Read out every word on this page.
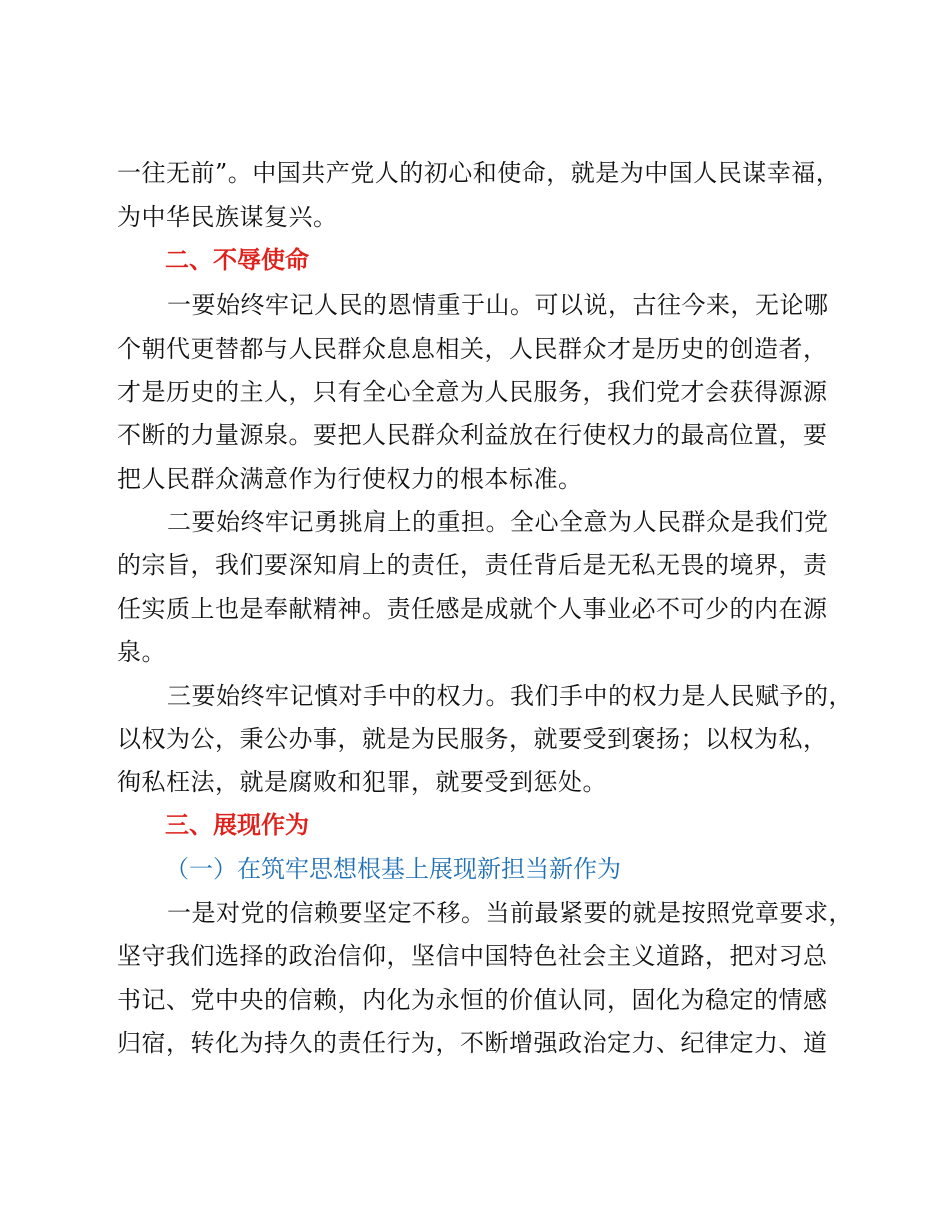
一往无前”。中国共产党人的初心和使命，就是为中国人民谋幸福，
为中华民族谋复兴。
二、不辱使命
一要始终牢记人民的恩情重于山。可以说，古往今来，无论哪
个朝代更替都与人民群众息息相关，人民群众才是历史的创造者，
才是历史的主人，只有全心全意为人民服务，我们党才会获得源源
不断的力量源泉。要把人民群众利益放在行使权力的最高位置，要
把人民群众满意作为行使权力的根本标准。
二要始终牢记勇挑肩上的重担。全心全意为人民群众是我们党
的宗旨，我们要深知肩上的责任，责任背后是无私无畏的境界，责
任实质上也是奉献精神。责任感是成就个人事业必不可少的内在源
泉。
三要始终牢记慎对手中的权力。我们手中的权力是人民赋予的，
以权为公，秉公办事，就是为民服务，就要受到褒扬；以权为私，
徇私枉法，就是腐败和犯罪，就要受到惩处。
三、展现作为
（一）在筑牢思想根基上展现新担当新作为
一是对党的信赖要坚定不移。当前最紧要的就是按照党章要求，
坚守我们选择的政治信仰，坚信中国特色社会主义道路，把对习总
书记、党中央的信赖，内化为永恒的价值认同，固化为稳定的情感
归宿，转化为持久的责任行为，不断增强政治定力、纪律定力、道
